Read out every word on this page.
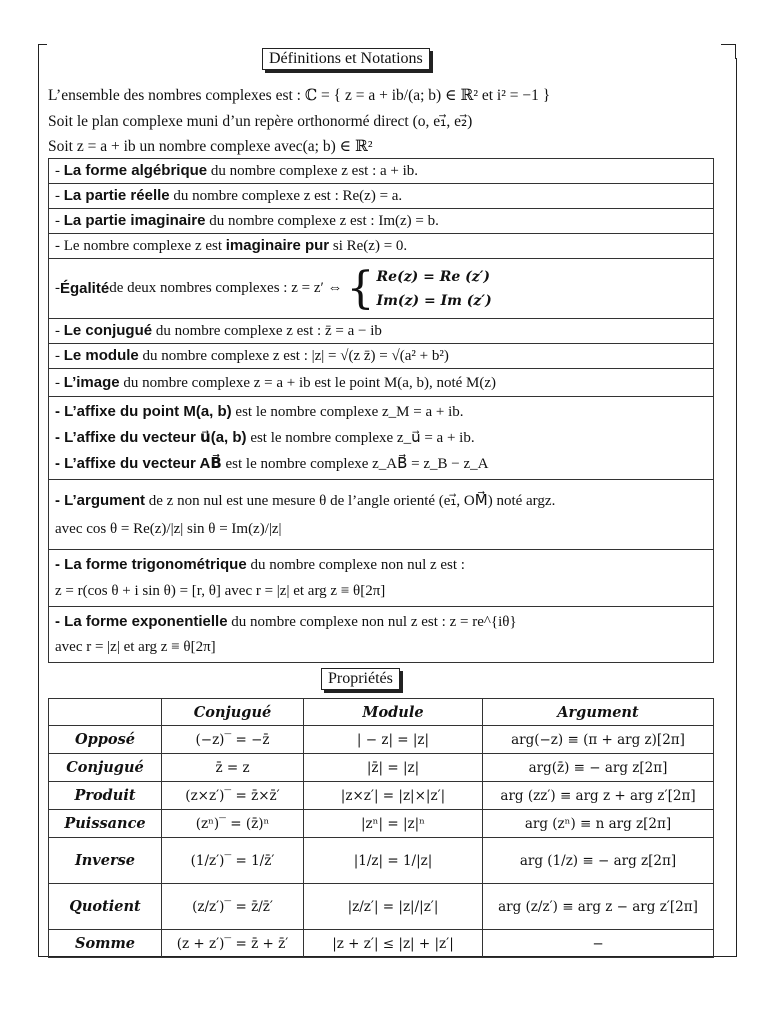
Définitions et Notations
L’ensemble des nombres complexes est : ℂ = { z = a + ib/(a; b) ∈ ℝ² et i² = −1 }
Soit le plan complexe muni d’un repère orthonormé direct (o, e₁⃗, e₂⃗)
Soit z = a + ib un nombre complexe avec(a; b) ∈ ℝ²
- La forme algébrique du nombre complexe z est : a + ib.
- La partie réelle du nombre complexe z est : Re(z) = a.
- La partie imaginaire du nombre complexe z est : Im(z) = b.
- Le nombre complexe z est imaginaire pur si Re(z) = 0.

- Égalité de deux nombres complexes : z = z′ ⇔ { Re(z) = Re (z′)
Im(z) = Im (z′)

- Le conjugué du nombre complexe z est : z̄ = a − ib
- Le module du nombre complexe z est : |z| = √(z z̄) = √(a² + b²)
- L’image du nombre complexe z = a + ib est le point M(a, b), noté M(z)

- L’affixe du point M(a, b) est le nombre complexe z_M = a + ib.
- L’affixe du vecteur u⃗(a, b) est le nombre complexe z_u⃗ = a + ib.
- L’affixe du vecteur AB⃗ est le nombre complexe z_AB⃗ = z_B − z_A

- L’argument de z non nul est une mesure θ de l’angle orienté (e₁⃗, OM⃗) noté argz.
avec cos θ = Re(z)/|z| sin θ = Im(z)/|z|

- La forme trigonométrique du nombre complexe non nul z est :
z = r(cos θ + i sin θ) = [r, θ] avec r = |z| et arg z ≡ θ[2π]

- La forme exponentielle du nombre complexe non nul z est : z = re^{iθ}
avec r = |z| et arg z ≡ θ[2π]
Propriétés
	Conjugué	Module	Argument
Opposé	(−z)‾ = −z̄	| − z| = |z|	arg(−z) ≡ (π + arg z)[2π]
Conjugué	z̄̄ = z	|z̄| = |z|	arg(z̄) ≡ − arg z[2π]
Produit	(z×z′)‾ = z̄×z̄′	|z×z′| = |z|×|z′|	arg (zz′) ≡ arg z + arg z′[2π]
Puissance	(zⁿ)‾ = (z̄)ⁿ	|zⁿ| = |z|ⁿ	arg (zⁿ) ≡ n arg z[2π]
Inverse	(1/z′)‾ = 1/z̄′	|1/z| = 1/|z|	arg (1/z) ≡ − arg z[2π]
Quotient	(z/z′)‾ = z̄/z̄′	|z/z′| = |z|/|z′|	arg (z/z′) ≡ arg z − arg z′[2π]
Somme	(z + z′)‾ = z̄ + z̄′	|z + z′| ≤ |z| + |z′|	−
